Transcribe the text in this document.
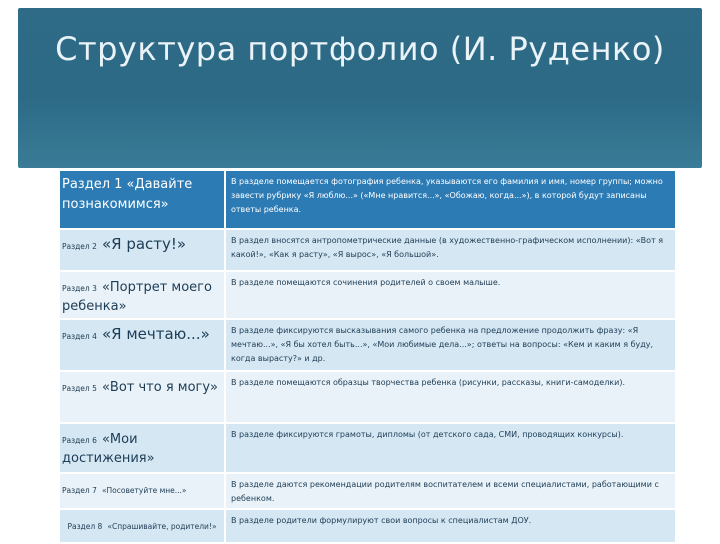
Структура портфолио (И. Руденко)
Раздел 1 «Давайте
познакомимся»	В разделе помещается фотография ребенка, указываются его фамилия и имя, номер группы; можно завести рубрику «Я люблю...» («Мне нравится...», «Обожаю, когда...»), в которой будут записаны ответы ребенка.
Раздел 2 «Я расту!»	В раздел вносятся антропометрические данные (в художественно-графическом исполнении): «Вот я какой!», «Как я расту», «Я вырос», «Я большой».
Раздел 3 «Портрет моего ребенка»	В разделе помещаются сочинения родителей о своем малыше.
Раздел 4 «Я мечтаю...»	В разделе фиксируются высказывания самого ребенка на предложение продолжить фразу: «Я мечтаю...», «Я бы хотел быть...», «Мои любимые дела...»; ответы на вопросы: «Кем и каким я буду, когда вырасту?» и др.
Раздел 5 «Вот что я могу»	В разделе помещаются образцы творчества ребенка (рисунки, рассказы, книги-самоделки).
Раздел 6 «Мои достижения»	В разделе фиксируются грамоты, дипломы (от детского сада, СМИ, проводящих конкурсы).
Раздел 7 «Посоветуйте мне...»	В разделе даются рекомендации родителям воспитателем и всеми специалистами, работающими с ребенком.
Раздел 8 «Спрашивайте, родители!»	В разделе родители формулируют свои вопросы к специалистам ДОУ.
